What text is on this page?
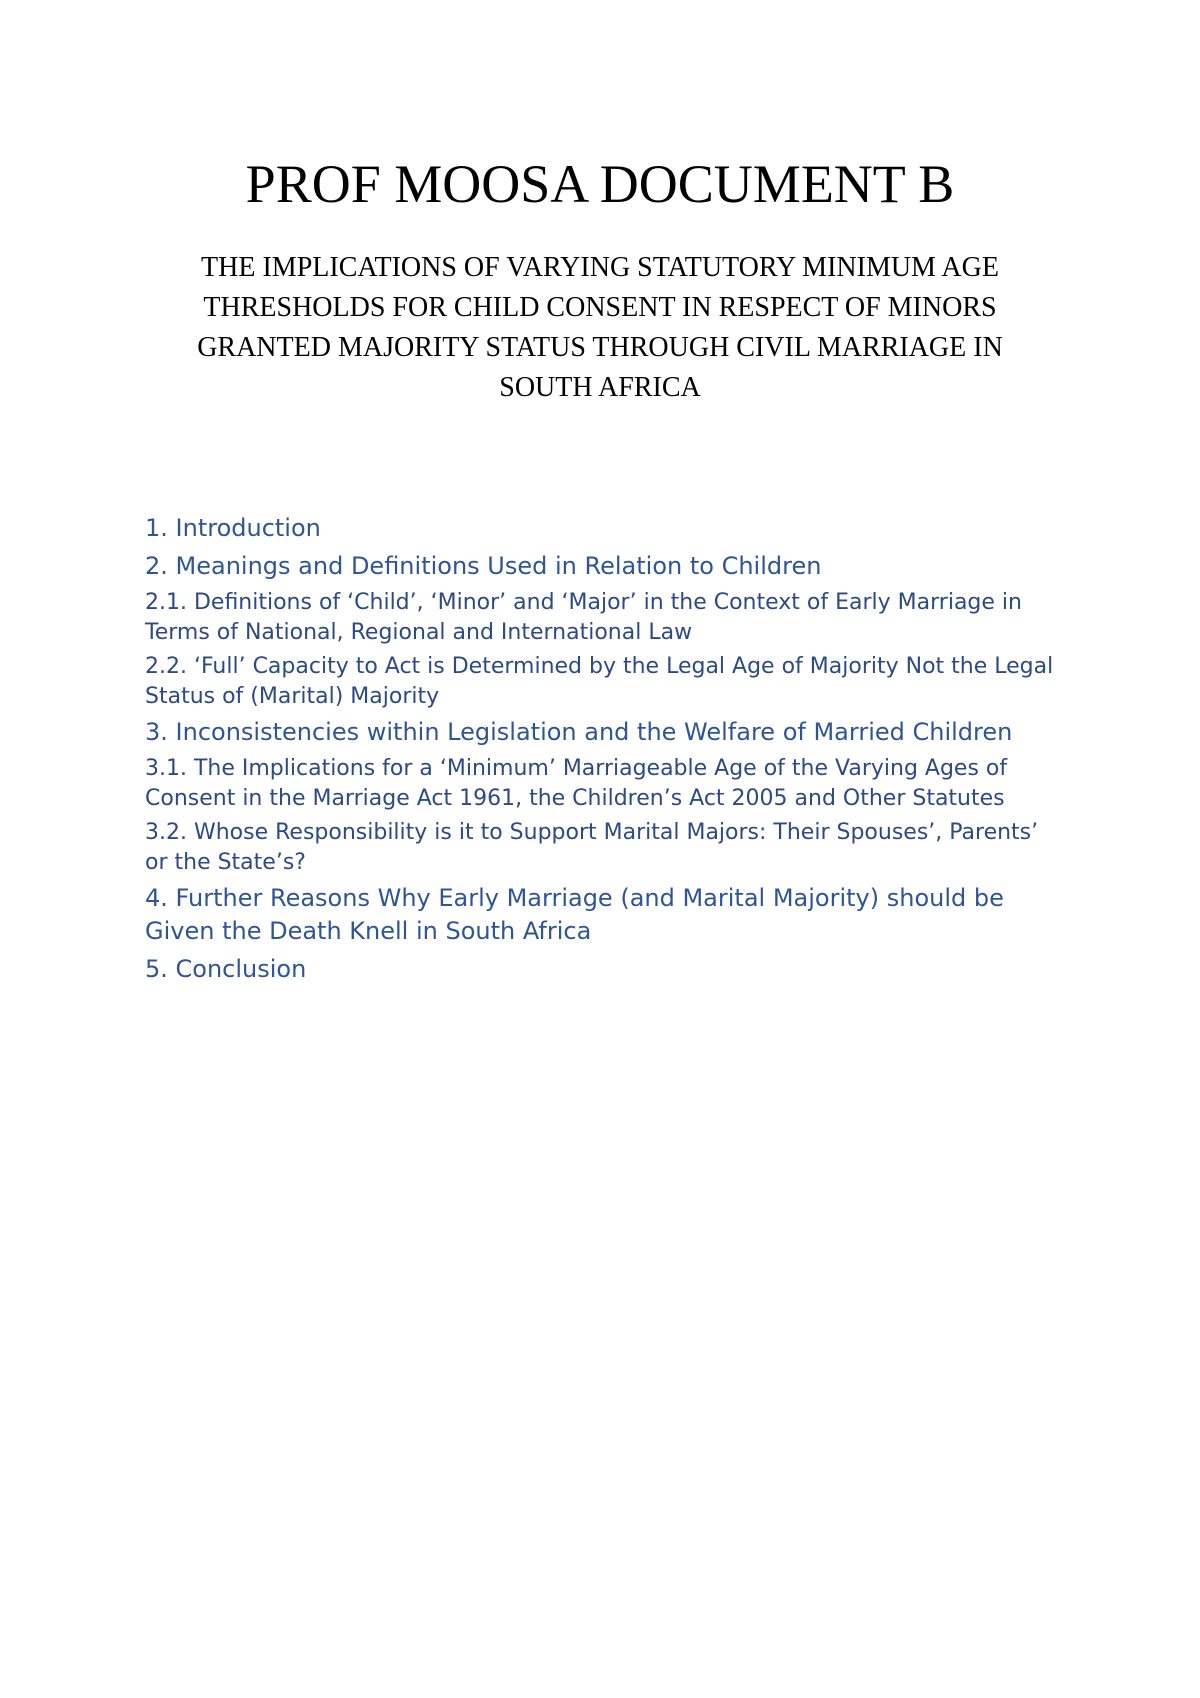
PROF MOOSA DOCUMENT B

THE IMPLICATIONS OF VARYING STATUTORY MINIMUM AGE THRESHOLDS FOR CHILD CONSENT IN RESPECT OF MINORS GRANTED MAJORITY STATUS THROUGH CIVIL MARRIAGE IN SOUTH AFRICA

1. Introduction

2. Meanings and Definitions Used in Relation to Children

2.1. Definitions of ‘Child’, ‘Minor’ and ‘Major’ in the Context of Early Marriage in Terms of National, Regional and International Law

2.2. ‘Full’ Capacity to Act is Determined by the Legal Age of Majority Not the Legal Status of (Marital) Majority

3. Inconsistencies within Legislation and the Welfare of Married Children

3.1. The Implications for a ‘Minimum’ Marriageable Age of the Varying Ages of Consent in the Marriage Act 1961, the Children’s Act 2005 and Other Statutes

3.2. Whose Responsibility is it to Support Marital Majors: Their Spouses’, Parents’ or the State’s?

4. Further Reasons Why Early Marriage (and Marital Majority) should be Given the Death Knell in South Africa

5. Conclusion
